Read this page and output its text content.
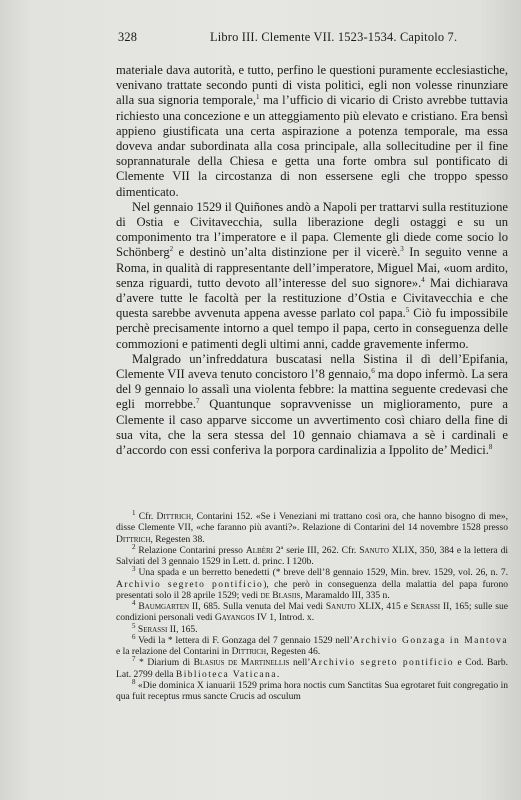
328	Libro III. Clemente VII. 1523-1534. Capitolo 7.

materiale dava autorità, e tutto, perfino le questioni puramente ecclesiastiche, venivano trattate secondo punti di vista politici, egli non volesse rinunziare alla sua signoria temporale,$^1$ ma l’ufficio di vicario di Cristo avrebbe tuttavia richiesto una concezione e un atteggiamento più elevato e cristiano. Era bensì appieno giustificata una certa aspirazione a potenza temporale, ma essa doveva andar subordinata alla cosa principale, alla sollecitudine per il fine soprannaturale della Chiesa e getta una forte ombra sul pontificato di Clemente VII la circostanza di non essersene egli che troppo spesso dimenticato.

Nel gennaio 1529 il Quiñones andò a Napoli per trattarvi sulla restituzione di Ostia e Civitavecchia, sulla liberazione degli ostaggi e su un componimento tra l’imperatore e il papa. Clemente gli diede come socio lo Schönberg$^2$ e destinò un’alta distinzione per il vicerè.$^3$ In seguito venne a Roma, in qualità di rappresentante dell’imperatore, Miguel Mai, «uom ardito, senza riguardi, tutto devoto all’interesse del suo signore».$^4$ Mai dichiarava d’avere tutte le facoltà per la restituzione d’Ostia e Civitavecchia e che questa sarebbe avvenuta appena avesse parlato col papa.$^5$ Ciò fu impossibile perchè precisamente intorno a quel tempo il papa, certo in conseguenza delle commozioni e patimenti degli ultimi anni, cadde gravemente infermo.

Malgrado un’infreddatura buscatasi nella Sistina il dì dell’Epifania, Clemente VII aveva tenuto concistoro l’8 gennaio,$^6$ ma dopo infermò. La sera del 9 gennaio lo assalì una violenta febbre: la mattina seguente credevasi che egli morrebbe.$^7$ Quantunque sopravvenisse un miglioramento, pure a Clemente il caso apparve siccome un avvertimento così chiaro della fine di sua vita, che la sera stessa del 10 gennaio chiamava a sè i cardinali e d’accordo con essi conferiva la porpora cardinalizia a Ippolito de’ Medici.$^8$

$^1$ Cfr. Dittrich, Contarini 152. «Se i Veneziani mi trattano così ora, che hanno bisogno di me», disse Clemente VII, «che faranno più avanti?». Relazione di Contarini del 14 novembre 1528 presso Dittrich, Regesten 38.

$^2$ Relazione Contarini presso Albèri 2ª serie III, 262. Cfr. Sanuto XLIX, 350, 384 e la lettera di Salviati del 3 gennaio 1529 in Lett. d. princ. I 120b.

$^3$ Una spada e un berretto benedetti (* breve dell’8 gennaio 1529, Min. brev. 1529, vol. 26, n. 7. Archivio segreto pontificio), che però in conseguenza della malattia del papa furono presentati solo il 28 aprile 1529; vedi de Blasiis, Maramaldo III, 335 n.

$^4$ Baumgarten II, 685. Sulla venuta del Mai vedi Sanuto XLIX, 415 e Serassi II, 165; sulle sue condizioni personali vedi Gayangos IV 1, Introd. x.

$^5$ Serassi II, 165.

$^6$ Vedi la * lettera di F. Gonzaga del 7 gennaio 1529 nell’Archivio Gonzaga in Mantova e la relazione del Contarini in Dittrich, Regesten 46.

$^7$ * Diarium di Blasius de Martinellis nell’Archivio segreto pontificio e Cod. Barb. Lat. 2799 della Biblioteca Vaticana.

$^8$ «Die dominica X ianuarii 1529 prima hora noctis cum Sanctitas Sua egrotaret fuit congregatio in qua fuit receptus rmus sancte Crucis ad osculum
